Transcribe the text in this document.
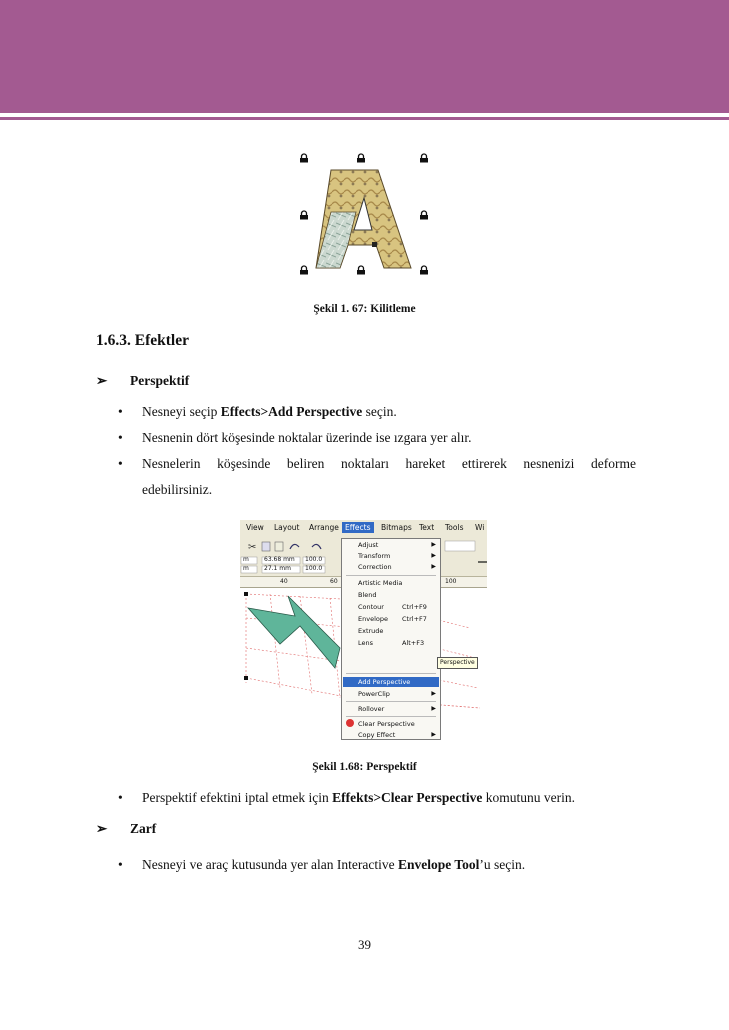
Şekil 1. 67: Kilitleme
1.6.3. Efektler
➢ Perspektif
• Nesneyi seçip Effects>Add Perspective seçin.
• Nesnenin dört köşesinde noktalar üzerinde ise ızgara yer alır.
• Nesnelerin köşesinde beliren noktaları hareket ettirerek nesnenizi deforme
edebilirsiniz.
View Layout Arrange Effects	Bitmaps Text Tools Wi
✂
m
m
63.68 mm
27.1 mm
100.0
100.0
40	60	100
Adjust	▶
Transform	▶
Correction	▶
Artistic Media
Blend
Contour	Ctrl+F9
Envelope Ctrl+F7
Extrude
Lens	Alt+F3
Add Perspective
PowerClip	▶
Rollover	▶
Clear Perspective
Copy Effect	▶
Perspective
Şekil 1.68: Perspektif
• Perspektif efektini iptal etmek için Effekts>Clear Perspective komutunu verin.
➢ Zarf
• Nesneyi ve araç kutusunda yer alan Interactive Envelope Tool’u seçin.
39
